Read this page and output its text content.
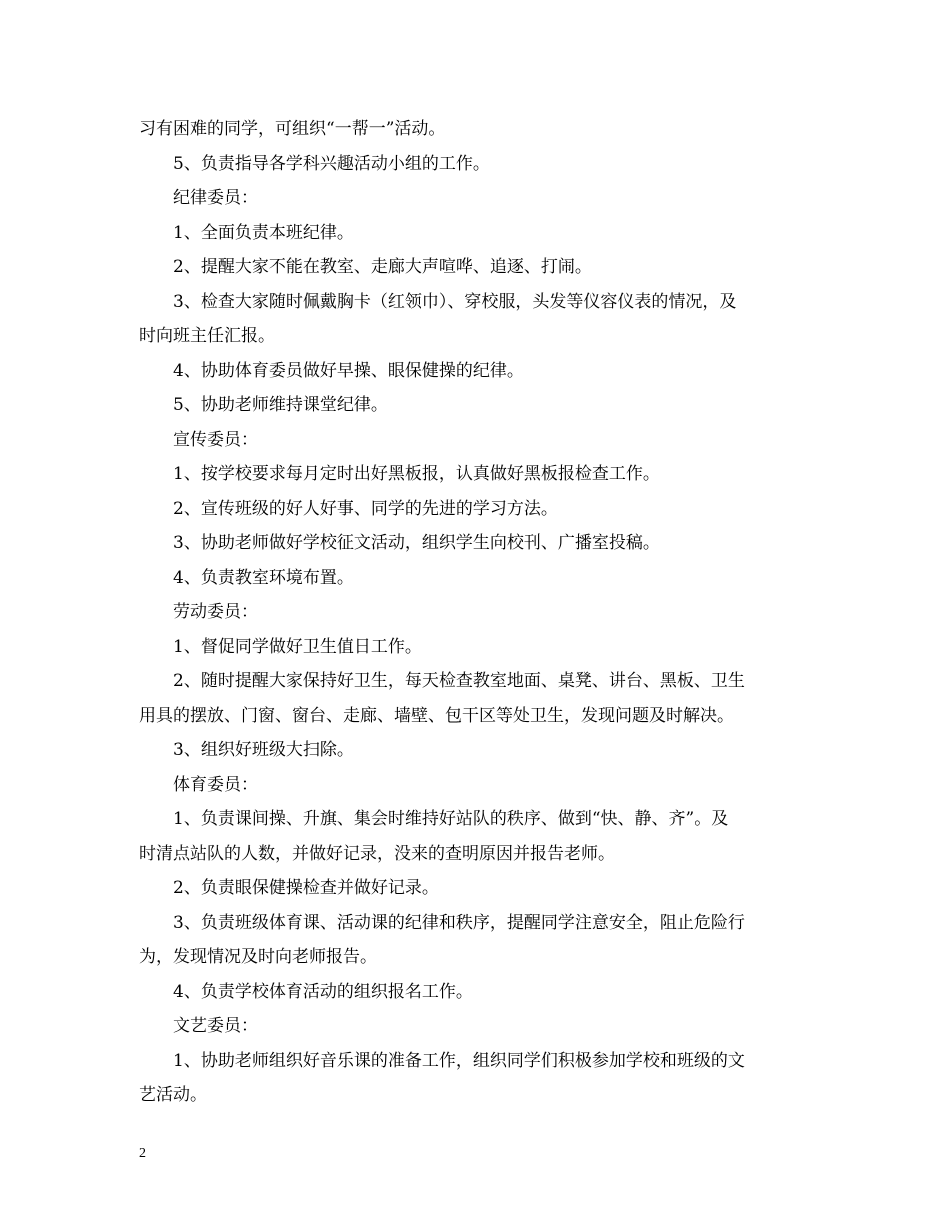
习有困难的同学，可组织“一帮一”活动。

5、负责指导各学科兴趣活动小组的工作。

纪律委员：

1、全面负责本班纪律。

2、提醒大家不能在教室、走廊大声喧哗、追逐、打闹。

3、检查大家随时佩戴胸卡（红领巾）、穿校服，头发等仪容仪表的情况，及

时向班主任汇报。

4、协助体育委员做好早操、眼保健操的纪律。

5、协助老师维持课堂纪律。

宣传委员：

1、按学校要求每月定时出好黑板报，认真做好黑板报检查工作。

2、宣传班级的好人好事、同学的先进的学习方法。

3、协助老师做好学校征文活动，组织学生向校刊、广播室投稿。

4、负责教室环境布置。

劳动委员：

1、督促同学做好卫生值日工作。

2、随时提醒大家保持好卫生，每天检查教室地面、桌凳、讲台、黑板、卫生

用具的摆放、门窗、窗台、走廊、墙壁、包干区等处卫生，发现问题及时解决。

3、组织好班级大扫除。

体育委员：

1、负责课间操、升旗、集会时维持好站队的秩序、做到“快、静、齐”。及

时清点站队的人数，并做好记录，没来的查明原因并报告老师。

2、负责眼保健操检查并做好记录。

3、负责班级体育课、活动课的纪律和秩序，提醒同学注意安全，阻止危险行

为，发现情况及时向老师报告。

4、负责学校体育活动的组织报名工作。

文艺委员：

1、协助老师组织好音乐课的准备工作，组织同学们积极参加学校和班级的文

艺活动。

2
